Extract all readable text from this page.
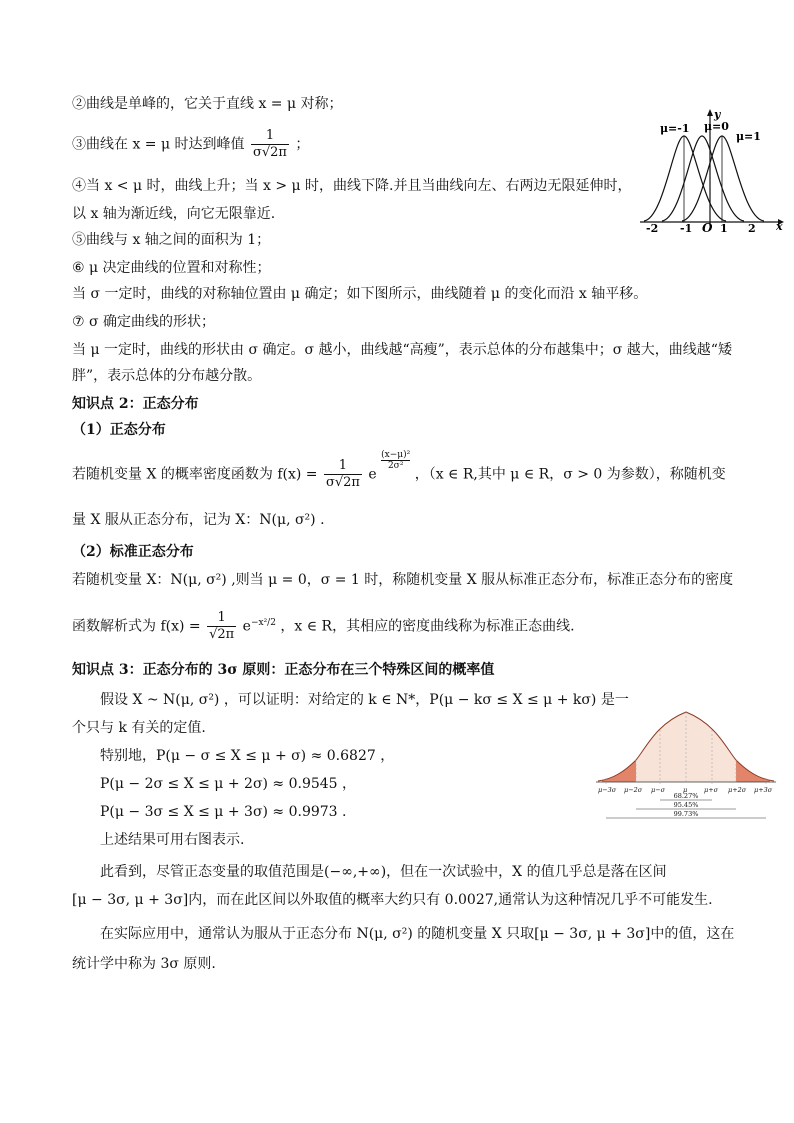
②曲线是单峰的，它关于直线 x = μ 对称；
③曲线在 x = μ 时达到峰值 $\frac{1}{\sigma√2\pi}$ ；
④当 x < μ 时，曲线上升；当 x > μ 时，曲线下降.并且当曲线向左、右两边无限延伸时，
以 x 轴为渐近线，向它无限靠近.
⑤曲线与 x 轴之间的面积为 1；
⑥ μ 决定曲线的位置和对称性；
当 σ 一定时，曲线的对称轴位置由 μ 确定；如下图所示，曲线随着 μ 的变化而沿 x 轴平移。
⑦ σ 确定曲线的形状；
当 μ 一定时，曲线的形状由 σ 确定。σ 越小，曲线越“高瘦”，表示总体的分布越集中；σ 越大，曲线越“矮
胖”，表示总体的分布越分散。
知识点 2：正态分布
（1）正态分布
若随机变量 X 的概率密度函数为 $f(x) = \frac{1}{\sigma√2\pi}$ e
$\frac{\text{(x−μ)²}}{\text{2σ²}}$ ，（x ∈ R,其中 μ ∈ R，σ > 0 为参数），称随机变
量 X 服从正态分布，记为 X：N(μ, σ²) .
（2）标准正态分布
若随机变量 X：N(μ, σ²) ,则当 μ = 0，σ = 1 时，称随机变量 X 服从标准正态分布，标准正态分布的密度
函数解析式为 $f(x) = \frac{1}{√2\pi} e^{-x^2/2}$ ，x ∈ R，其相应的密度曲线称为标准正态曲线.
知识点 3：正态分布的 3σ 原则：正态分布在三个特殊区间的概率值
假设 X ~ N(μ, σ²) ，可以证明：对给定的 k ∈ N*，P(μ − kσ ≤ X ≤ μ + kσ) 是一
个只与 k 有关的定值.
特别地，P(μ − σ ≤ X ≤ μ + σ) ≈ 0.6827 ，
P(μ − 2σ ≤ X ≤ μ + 2σ) ≈ 0.9545 ，
P(μ − 3σ ≤ X ≤ μ + 3σ) ≈ 0.9973 .
上述结果可用右图表示.
此看到，尽管正态变量的取值范围是(−∞,+∞)，但在一次试验中，X 的值几乎总是落在区间
[μ − 3σ, μ + 3σ]内，而在此区间以外取值的概率大约只有 0.0027,通常认为这种情况几乎不可能发生.
在实际应用中，通常认为服从于正态分布 N(μ, σ²) 的随机变量 X 只取[μ − 3σ, μ + 3σ]中的值，这在
统计学中称为 3σ 原则.
y
x
μ=-1 μ=0
μ=1
-2 -1 O 1 2
μ−3σ μ−2σ μ−σ	μ	μ+σ μ+2σ μ+3σ
68.27%
95.45%
99.73%
